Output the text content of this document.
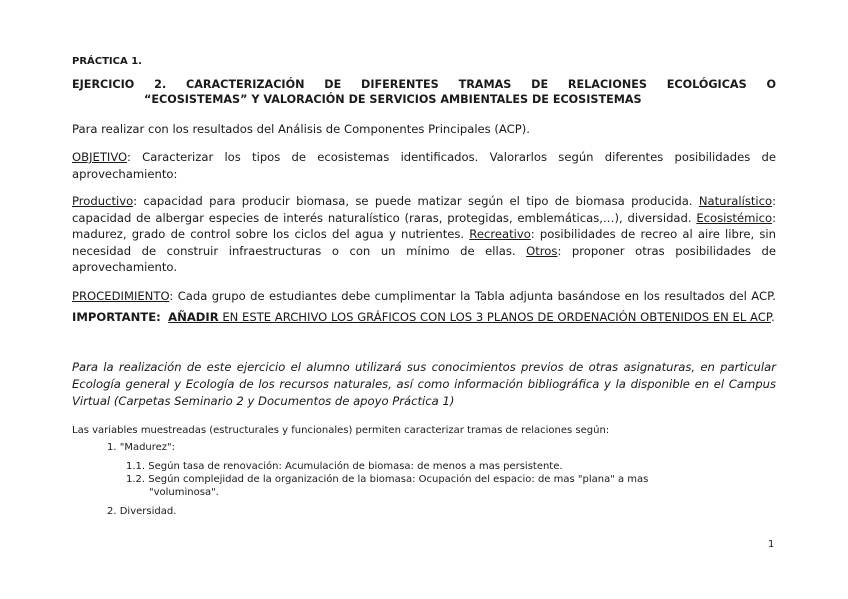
PRÁCTICA 1.
EJERCICIO 2. CARACTERIZACIÓN DE DIFERENTES TRAMAS DE RELACIONES ECOLÓGICAS O
“ECOSISTEMAS” Y VALORACIÓN DE SERVICIOS AMBIENTALES DE ECOSISTEMAS
Para realizar con los resultados del Análisis de Componentes Principales (ACP).
OBJETIVO: Caracterizar los tipos de ecosistemas identificados. Valorarlos según diferentes posibilidades de aprovechamiento:
Productivo: capacidad para producir biomasa, se puede matizar según el tipo de biomasa producida. Naturalístico: capacidad de albergar especies de interés naturalístico (raras, protegidas, emblemáticas,…), diversidad. Ecosistémico: madurez, grado de control sobre los ciclos del agua y nutrientes. Recreativo: posibilidades de recreo al aire libre, sin necesidad de construir infraestructuras o con un mínimo de ellas. Otros: proponer otras posibilidades de aprovechamiento.
PROCEDIMIENTO: Cada grupo de estudiantes debe cumplimentar la Tabla adjunta basándose en los resultados del ACP. IMPORTANTE: AÑADIR EN ESTE ARCHIVO LOS GRÁFICOS CON LOS 3 PLANOS DE ORDENACIÓN OBTENIDOS EN EL ACP.
Para la realización de este ejercicio el alumno utilizará sus conocimientos previos de otras asignaturas, en particular Ecología general y Ecología de los recursos naturales, así como información bibliográfica y la disponible en el Campus Virtual (Carpetas Seminario 2 y Documentos de apoyo Práctica 1)
Las variables muestreadas (estructurales y funcionales) permiten caracterizar tramas de relaciones según:
1. "Madurez":
1.1. Según tasa de renovación: Acumulación de biomasa: de menos a mas persistente.
1.2. Según complejidad de la organización de la biomasa: Ocupación del espacio: de mas "plana" a mas
"voluminosa".
2. Diversidad.
1
